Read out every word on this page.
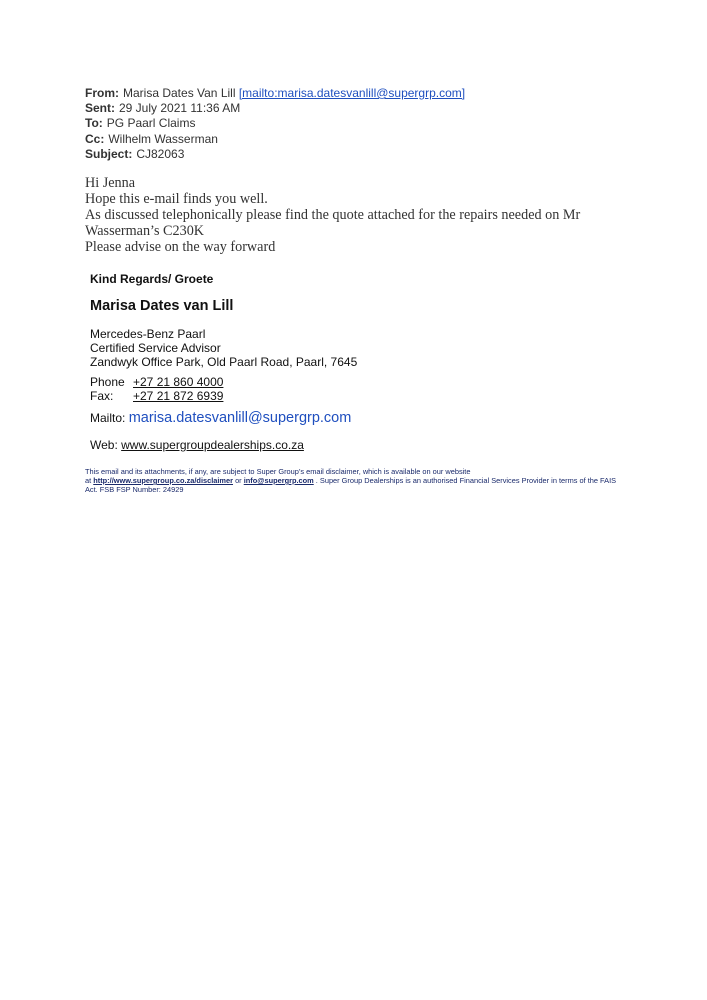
From: Marisa Dates Van Lill [mailto:marisa.datesvanlill@supergrp.com]
Sent: 29 July 2021 11:36 AM
To: PG Paarl Claims
Cc: Wilhelm Wasserman
Subject: CJ82063

Hi Jenna

Hope this e-mail finds you well.

As discussed telephonically please find the quote attached for the repairs needed on Mr Wasserman’s C230K

Please advise on the way forward

Kind Regards/ Groete
Marisa Dates van Lill
Mercedes-Benz Paarl
Certified Service Advisor
Zandwyk Office Park, Old Paarl Road, Paarl, 7645
Phone +27 21 860 4000
Fax: +27 21 872 6939
Mailto: marisa.datesvanlill@supergrp.com
Web: www.supergroupdealerships.co.za
This email and its attachments, if any, are subject to Super Group’s email disclaimer, which is available on our website
at http://www.supergroup.co.za/disclaimer or info@supergrp.com . Super Group Dealerships is an authorised Financial Services Provider in terms of the FAIS Act. FSB FSP Number: 24929
